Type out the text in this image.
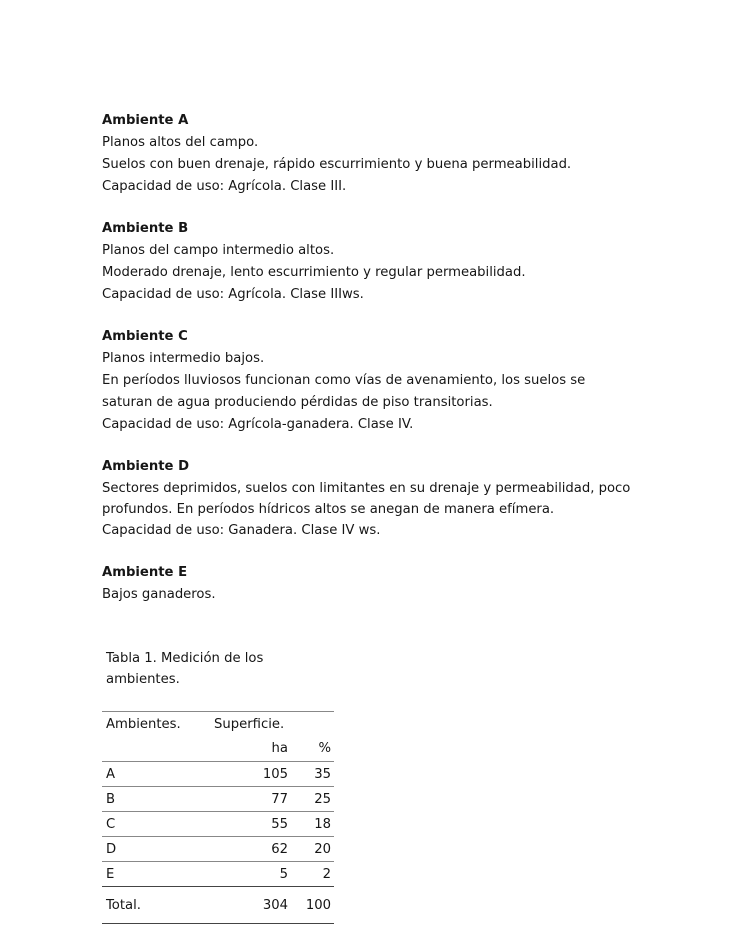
Ambiente A
Planos altos del campo.
Suelos con buen drenaje, rápido escurrimiento y buena permeabilidad.
Capacidad de uso: Agrícola. Clase III.
Ambiente B
Planos del campo intermedio altos.
Moderado drenaje, lento escurrimiento y regular permeabilidad.
Capacidad de uso: Agrícola. Clase IIIws.
Ambiente C
Planos intermedio bajos.
En períodos lluviosos funcionan como vías de avenamiento, los suelos se
saturan de agua produciendo pérdidas de piso transitorias.
Capacidad de uso: Agrícola-ganadera. Clase IV.
Ambiente D
Sectores deprimidos, suelos con limitantes en su drenaje y permeabilidad, poco
profundos. En períodos hídricos altos se anegan de manera efímera.
Capacidad de uso: Ganadera. Clase IV ws.
Ambiente E
Bajos ganaderos.
Tabla 1. Medición de los
ambientes.
Ambientes.	Superficie.	
	ha	%
A	105	35
B	77	25
C	55	18
D	62	20
E	5	2
Total.	304	100
